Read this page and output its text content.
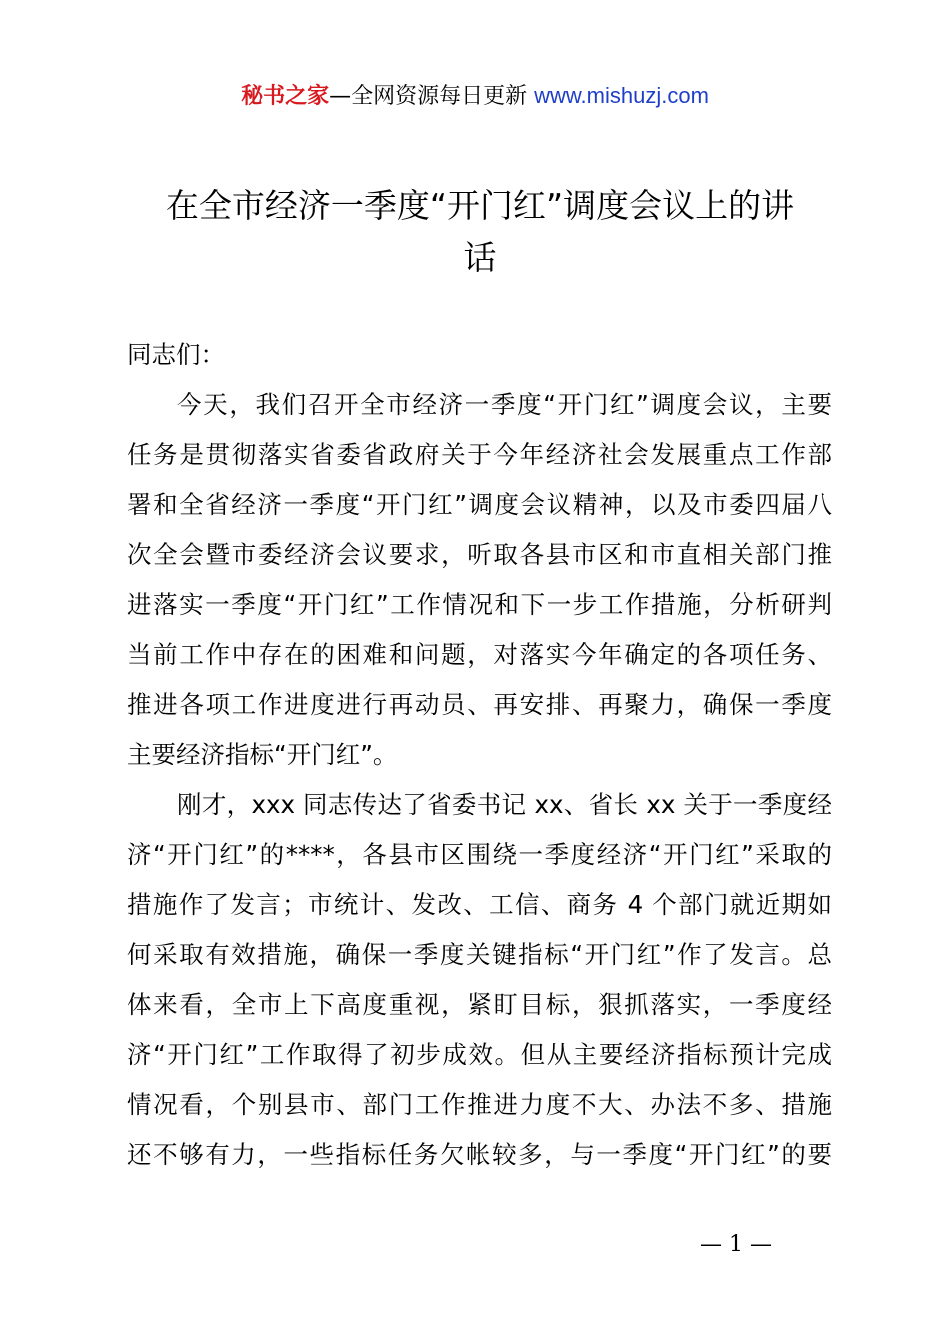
秘书之家—全网资源每日更新 www.mishuzj.com
在全市经济一季度“开门红”调度会议上的讲
话
同志们：
今天，我们召开全市经济一季度“开门红”调度会议，主要
任务是贯彻落实省委省政府关于今年经济社会发展重点工作部
署和全省经济一季度“开门红”调度会议精神，以及市委四届八
次全会暨市委经济会议要求，听取各县市区和市直相关部门推
进落实一季度“开门红”工作情况和下一步工作措施，分析研判
当前工作中存在的困难和问题，对落实今年确定的各项任务、
推进各项工作进度进行再动员、再安排、再聚力，确保一季度
主要经济指标“开门红”。
刚才，xxx 同志传达了省委书记 xx、省长 xx 关于一季度经
济“开门红”的****，各县市区围绕一季度经济“开门红”采取的
措施作了发言；市统计、发改、工信、商务 4 个部门就近期如
何采取有效措施，确保一季度关键指标“开门红”作了发言。总
体来看，全市上下高度重视，紧盯目标，狠抓落实，一季度经
济“开门红”工作取得了初步成效。但从主要经济指标预计完成
情况看，个别县市、部门工作推进力度不大、办法不多、措施
还不够有力，一些指标任务欠帐较多，与一季度“开门红”的要
— 1 —
